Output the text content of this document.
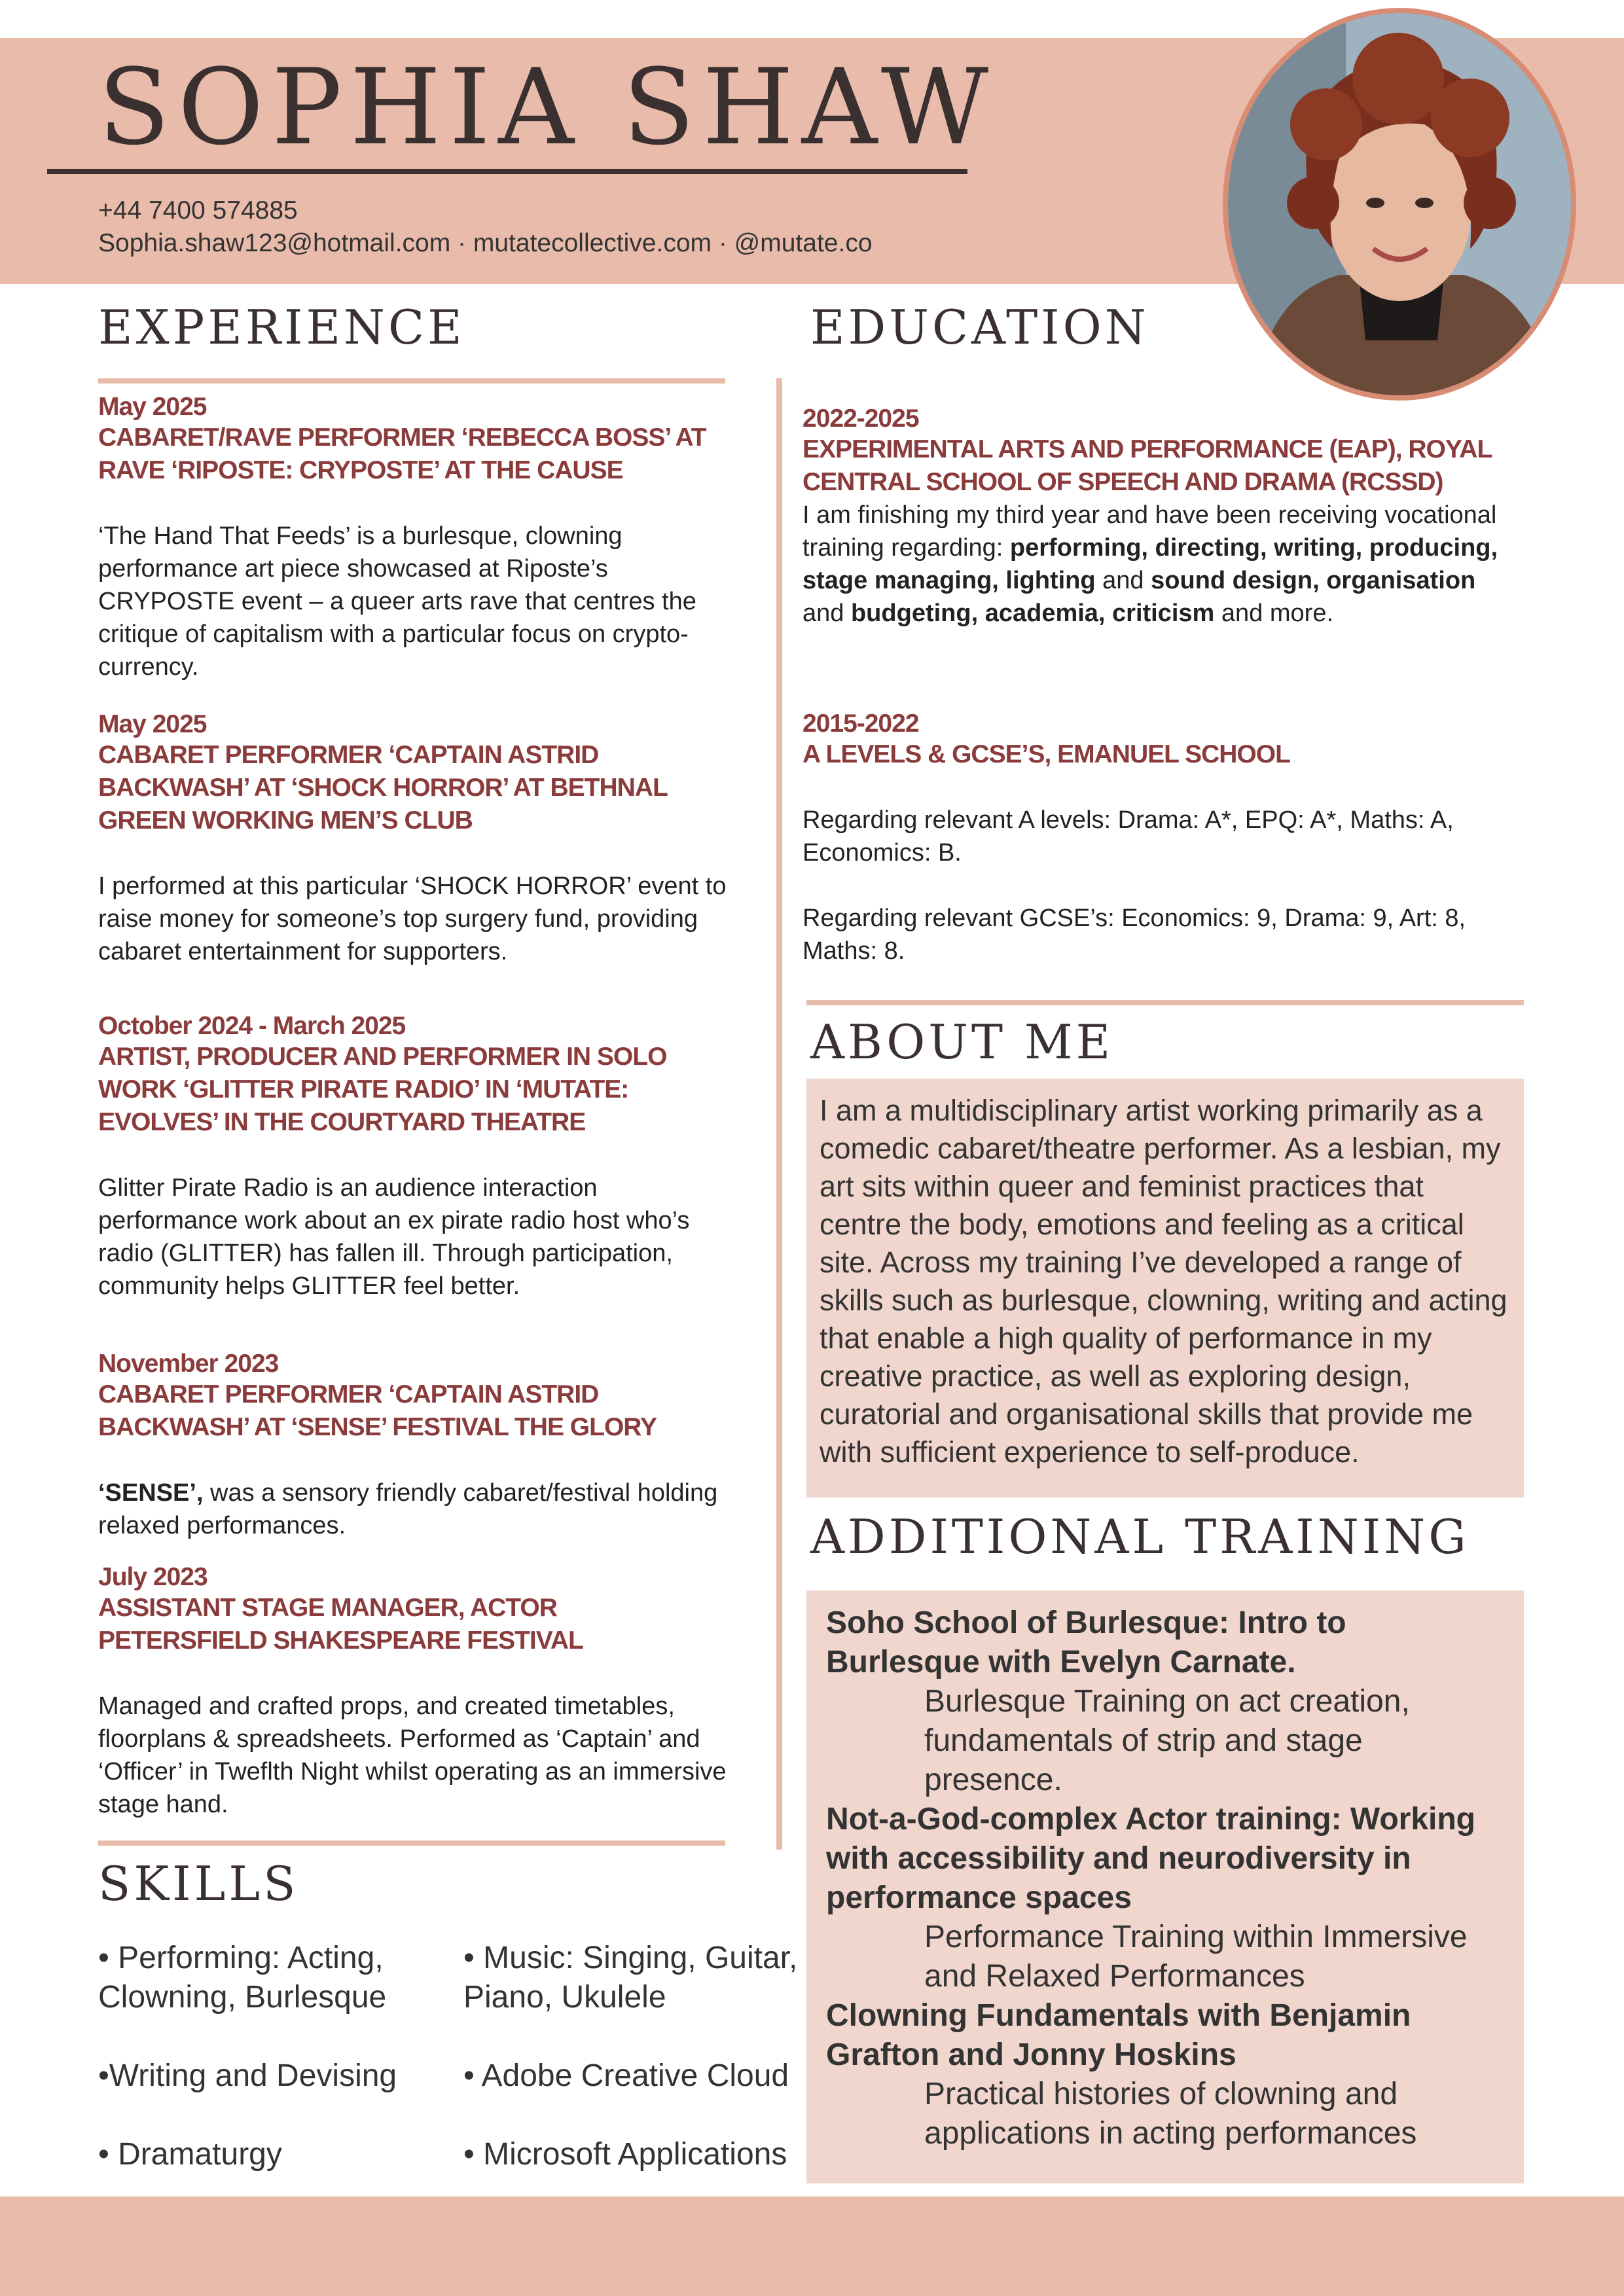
SOPHIA SHAW
+44 7400 574885
Sophia.shaw123@hotmail.com · mutatecollective.com · @mutate.co
EXPERIENCE
May 2025
CABARET/RAVE PERFORMER ‘REBECCA BOSS’ AT RAVE ‘RIPOSTE: CRYPOSTE’ AT THE CAUSE
‘The Hand That Feeds’ is a burlesque, clowning performance art piece showcased at Riposte’s CRYPOSTE event – a queer arts rave that centres the critique of capitalism with a particular focus on crypto-currency.
May 2025
CABARET PERFORMER ‘CAPTAIN ASTRID BACKWASH’ AT ‘SHOCK HORROR’ AT BETHNAL GREEN WORKING MEN’S CLUB
I performed at this particular ‘SHOCK HORROR’ event to raise money for someone’s top surgery fund, providing cabaret entertainment for supporters.
October 2024 - March 2025
ARTIST, PRODUCER AND PERFORMER IN SOLO WORK ‘GLITTER PIRATE RADIO’ IN ‘MUTATE: EVOLVES’ IN THE COURTYARD THEATRE
Glitter Pirate Radio is an audience interaction performance work about an ex pirate radio host who’s radio (GLITTER) has fallen ill. Through participation, community helps GLITTER feel better.
November 2023
CABARET PERFORMER ‘CAPTAIN ASTRID BACKWASH’ AT ‘SENSE’ FESTIVAL THE GLORY
‘SENSE’, was a sensory friendly cabaret/festival holding relaxed performances.
July 2023
ASSISTANT STAGE MANAGER, ACTOR PETERSFIELD SHAKESPEARE FESTIVAL
Managed and crafted props, and created timetables, floorplans & spreadsheets. Performed as ‘Captain’ and ‘Officer’ in Tweflth Night whilst operating as an immersive stage hand.
EDUCATION
2022-2025
EXPERIMENTAL ARTS AND PERFORMANCE (EAP), ROYAL CENTRAL SCHOOL OF SPEECH AND DRAMA (RCSSD)
I am finishing my third year and have been receiving vocational training regarding: performing, directing, writing, producing, stage managing, lighting and sound design, organisation and budgeting, academia, criticism and more.
2015-2022
A LEVELS & GCSE’S, EMANUEL SCHOOL
Regarding relevant A levels: Drama: A*, EPQ: A*, Maths: A, Economics: B.
Regarding relevant GCSE’s: Economics: 9, Drama: 9, Art: 8, Maths: 8.
ABOUT ME
I am a multidisciplinary artist working primarily as a comedic cabaret/theatre performer. As a lesbian, my art sits within queer and feminist practices that centre the body, emotions and feeling as a critical site. Across my training I’ve developed a range of skills such as burlesque, clowning, writing and acting that enable a high quality of performance in my creative practice, as well as exploring design, curatorial and organisational skills that provide me with sufficient experience to self-produce.
ADDITIONAL TRAINING
Soho School of Burlesque: Intro to Burlesque with Evelyn Carnate.
Burlesque Training on act creation, fundamentals of strip and stage presence.
Not-a-God-complex Actor training: Working with accessibility and neurodiversity in performance spaces
Performance Training within Immersive and Relaxed Performances
Clowning Fundamentals with Benjamin Grafton and Jonny Hoskins
Practical histories of clowning and applications in acting performances
SKILLS
• Performing: Acting, Clowning, Burlesque
• Music: Singing, Guitar, Piano, Ukulele
•Writing and Devising • Adobe Creative Cloud
• Dramaturgy	• Microsoft Applications
